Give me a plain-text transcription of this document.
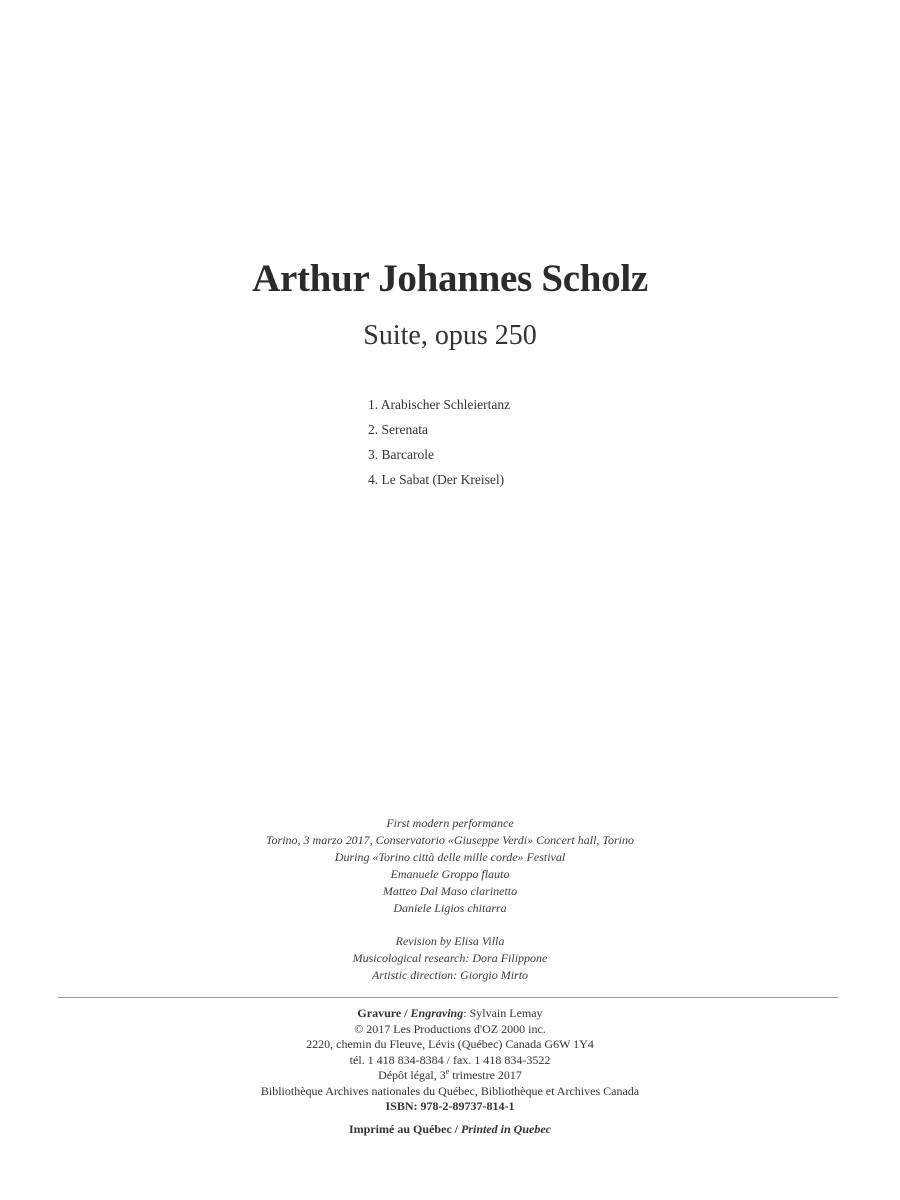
Arthur Johannes Scholz
Suite, opus 250
1. Arabischer Schleiertanz
2. Serenata
3. Barcarole
4. Le Sabat (Der Kreisel)
First modern performance
Torino, 3 marzo 2017, Conservatorio «Giuseppe Verdi» Concert hall, Torino
During «Torino città delle mille corde» Festival
Emanuele Groppo flauto
Matteo Dal Maso clarinetto
Daniele Ligios chitarra
Revision by Elisa Villa
Musicological research: Dora Filippone
Artistic direction: Giorgio Mirto
Gravure / Engraving: Sylvain Lemay
© 2017 Les Productions d'OZ 2000 inc.
2220, chemin du Fleuve, Lévis (Québec) Canada G6W 1Y4
tél. 1 418 834-8384 / fax. 1 418 834-3522
Dépôt légal, 3e trimestre 2017
Bibliothèque Archives nationales du Québec, Bibliothèque et Archives Canada
ISBN: 978-2-89737-814-1
Imprimé au Québec / Printed in Quebec
